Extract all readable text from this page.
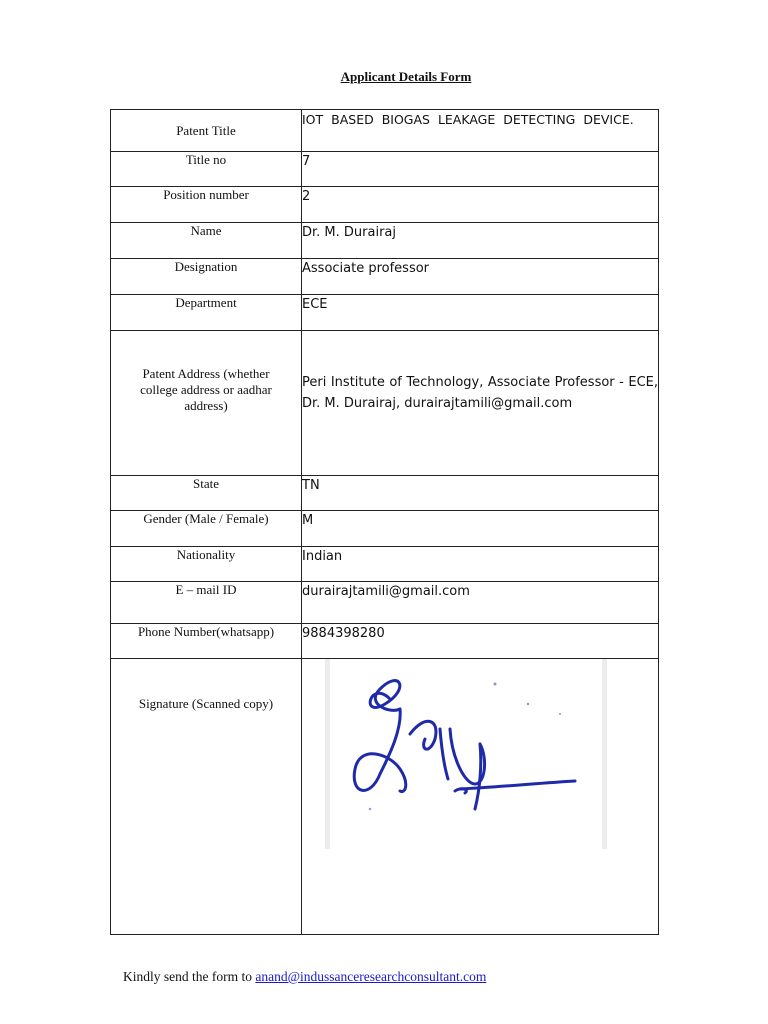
Applicant Details Form
Patent Title	IOT BASED BIOGAS LEAKAGE DETECTING DEVICE.
Title no	7
Position number	2
Name	Dr. M. Durairaj
Designation	Associate professor
Department	ECE
Patent Address (whether college address or aadhar address)	Peri Institute of Technology, Associate Professor - ECE, Dr. M. Durairaj, durairajtamili@gmail.com

State	TN
Gender (Male / Female)	M
Nationality	Indian
E – mail ID	durairajtamili@gmail.com
Phone Number(whatsapp)	9884398280
Signature (Scanned copy)	
Kindly send the form to anand@indussanceresearchconsultant.com
